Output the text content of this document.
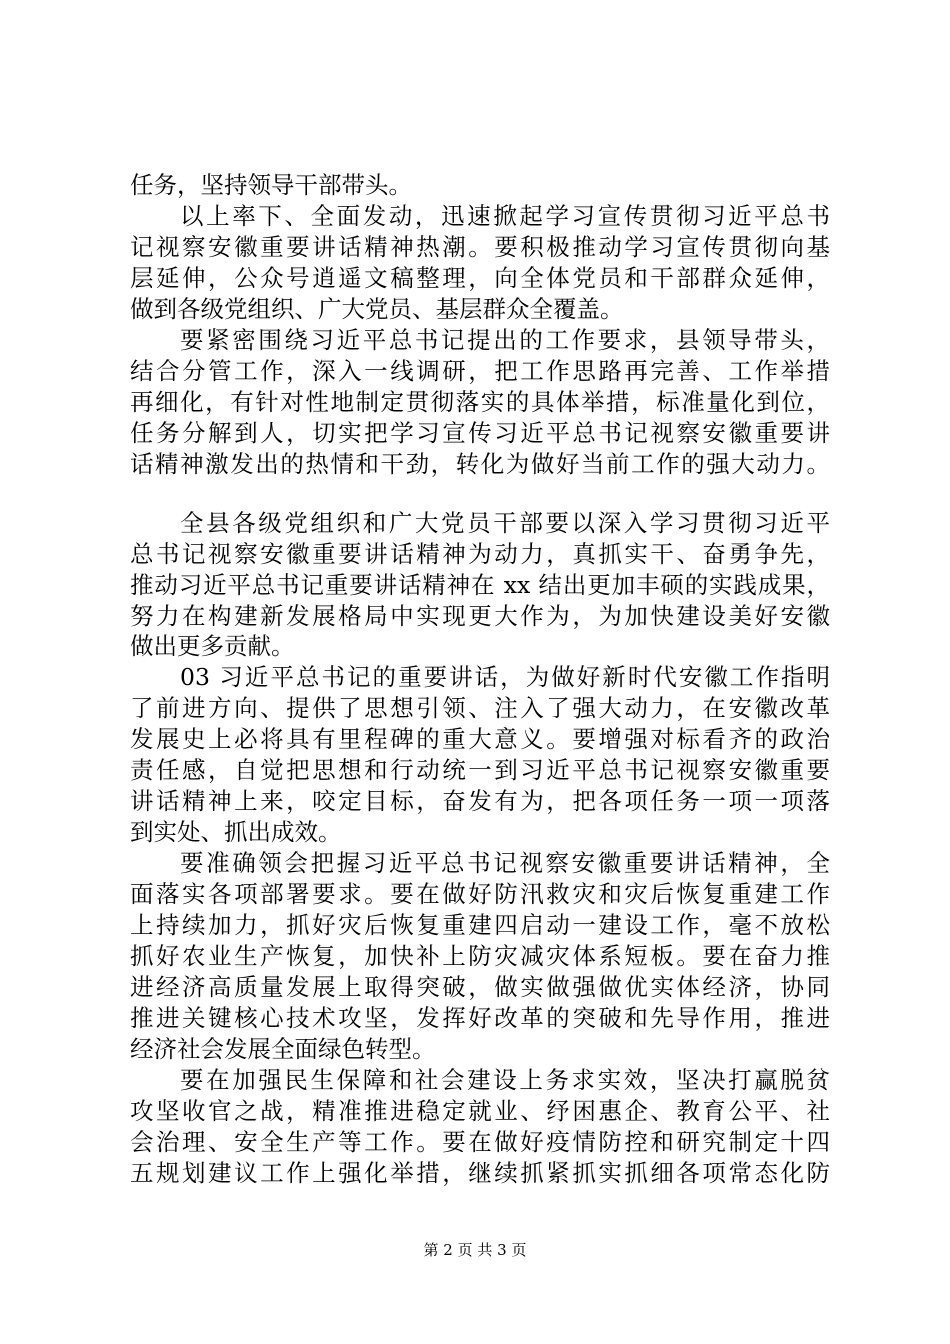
任务，坚持领导干部带头。
以上率下、全面发动，迅速掀起学习宣传贯彻习近平总书
记视察安徽重要讲话精神热潮。要积极推动学习宣传贯彻向基
层延伸，公众号逍遥文稿整理，向全体党员和干部群众延伸，
做到各级党组织、广大党员、基层群众全覆盖。
要紧密围绕习近平总书记提出的工作要求，县领导带头，
结合分管工作，深入一线调研，把工作思路再完善、工作举措
再细化，有针对性地制定贯彻落实的具体举措，标准量化到位，
任务分解到人，切实把学习宣传习近平总书记视察安徽重要讲
话精神激发出的热情和干劲，转化为做好当前工作的强大动力。
全县各级党组织和广大党员干部要以深入学习贯彻习近平
总书记视察安徽重要讲话精神为动力，真抓实干、奋勇争先，
推动习近平总书记重要讲话精神在 xx 结出更加丰硕的实践成果，
努力在构建新发展格局中实现更大作为，为加快建设美好安徽
做出更多贡献。
03 习近平总书记的重要讲话，为做好新时代安徽工作指明
了前进方向、提供了思想引领、注入了强大动力，在安徽改革
发展史上必将具有里程碑的重大意义。要增强对标看齐的政治
责任感，自觉把思想和行动统一到习近平总书记视察安徽重要
讲话精神上来，咬定目标，奋发有为，把各项任务一项一项落
到实处、抓出成效。
要准确领会把握习近平总书记视察安徽重要讲话精神，全
面落实各项部署要求。要在做好防汛救灾和灾后恢复重建工作
上持续加力，抓好灾后恢复重建四启动一建设工作，毫不放松
抓好农业生产恢复，加快补上防灾减灾体系短板。要在奋力推
进经济高质量发展上取得突破，做实做强做优实体经济，协同
推进关键核心技术攻坚，发挥好改革的突破和先导作用，推进
经济社会发展全面绿色转型。
要在加强民生保障和社会建设上务求实效，坚决打赢脱贫
攻坚收官之战，精准推进稳定就业、纾困惠企、教育公平、社
会治理、安全生产等工作。要在做好疫情防控和研究制定十四
五规划建议工作上强化举措，继续抓紧抓实抓细各项常态化防
第 2 页 共 3 页
